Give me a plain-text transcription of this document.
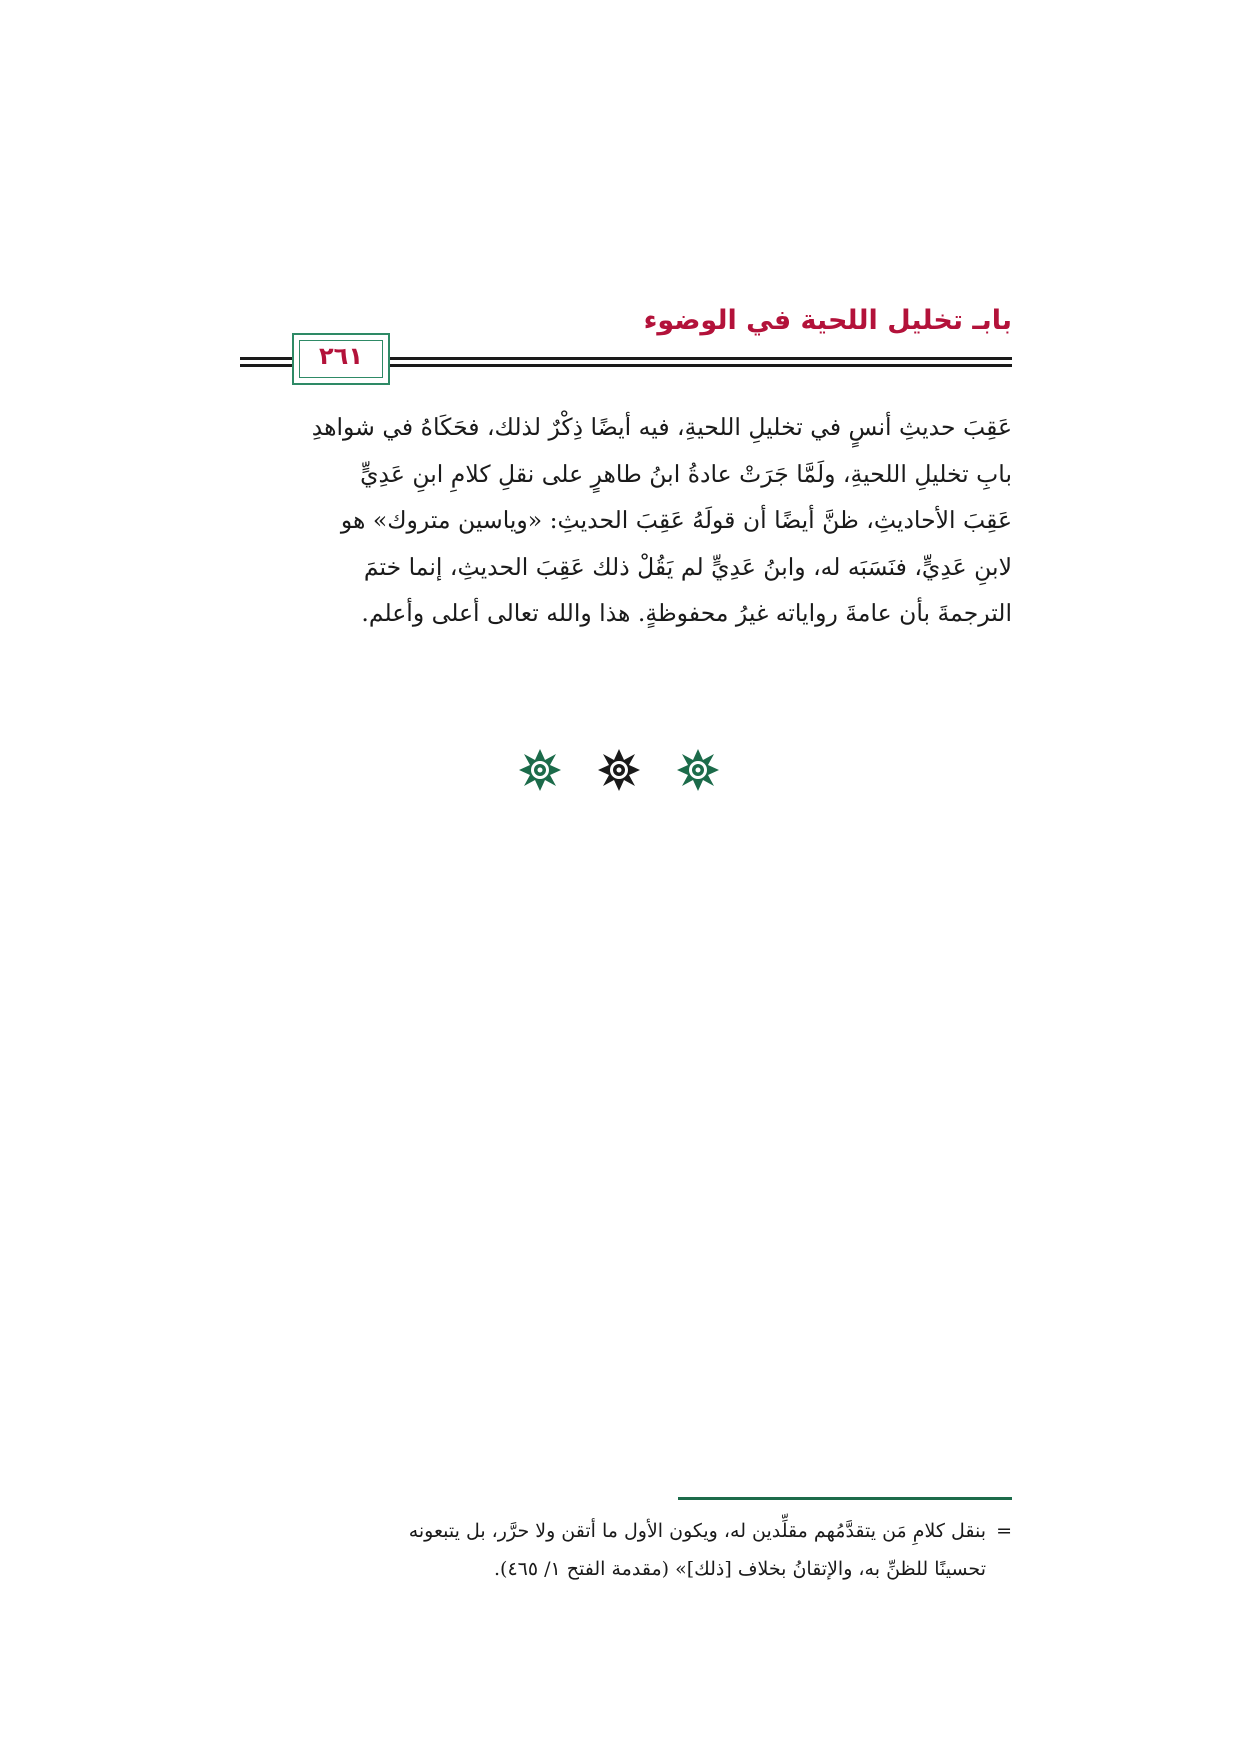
بابـ تخليل اللحية في الوضوء
٢٦١
عَقِبَ حديثِ أنسٍ في تخليلِ اللحيةِ، فيه أيضًا ذِكْرٌ لذلك، فحَكَاهُ في شواهدِ
بابِ تخليلِ اللحيةِ، ولَمَّا جَرَتْ عادةُ ابنُ طاهرٍ على نقلِ كلامِ ابنِ عَدِيٍّ
عَقِبَ الأحاديثِ، ظنَّ أيضًا أن قولَهُ عَقِبَ الحديثِ: «وياسين متروك» هو
لابنِ عَدِيٍّ، فنَسَبَه له، وابنُ عَدِيٍّ لم يَقُلْ ذلك عَقِبَ الحديثِ، إنما ختمَ
الترجمةَ بأن عامةَ رواياته غيرُ محفوظةٍ. هذا والله تعالى أعلى وأعلم.
=بنقل كلامِ مَن يتقدَّمُهم مقلِّدين له، ويكون الأول ما أتقن ولا حرَّر، بل يتبعونه
تحسينًا للظنِّ به، والإتقانُ بخلاف [ذلك]» (مقدمة الفتح ١/ ٤٦٥).
